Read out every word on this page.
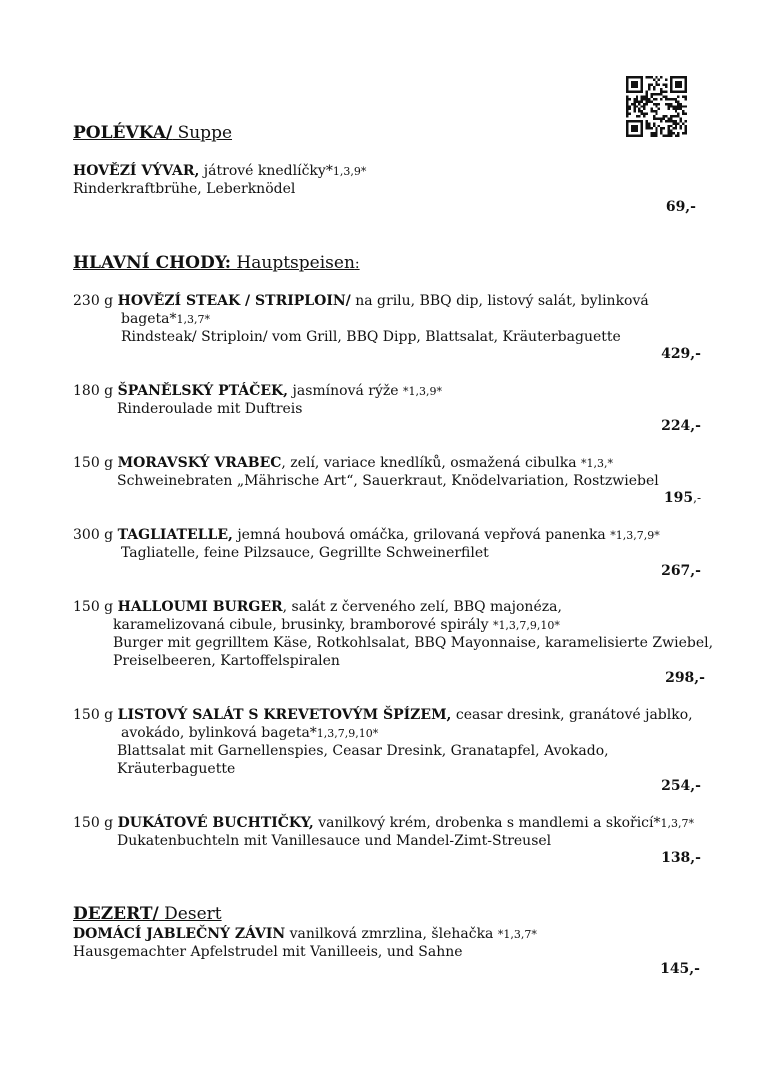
POLÉVKA/ Suppe
HOVĚZÍ VÝVAR, játrové knedlíčky*1,3,9*
Rinderkraftbrühe, Leberknödel
69,-
HLAVNÍ CHODY: Hauptspeisen:
230 g HOVĚZÍ STEAK / STRIPLOIN/ na grilu, BBQ dip, listový salát, bylinková
bageta*1,3,7*
Rindsteak/ Striploin/ vom Grill, BBQ Dipp, Blattsalat, Kräuterbaguette
429,-
180 g ŠPANĚLSKÝ PTÁČEK, jasmínová rýže *1,3,9*
Rinderoulade mit Duftreis
224,-
150 g MORAVSKÝ VRABEC, zelí, variace knedlíků, osmažená cibulka *1,3,*
Schweinebraten „Mährische Art“, Sauerkraut, Knödelvariation, Rostzwiebel
195,-
300 g TAGLIATELLE, jemná houbová omáčka, grilovaná vepřová panenka *1,3,7,9*
Tagliatelle, feine Pilzsauce, Gegrillte Schweinerfilet
267,-
150 g HALLOUMI BURGER, salát z červeného zelí, BBQ majonéza,
karamelizovaná cibule, brusinky, bramborové spirály *1,3,7,9,10*
Burger mit gegrilltem Käse, Rotkohlsalat, BBQ Mayonnaise, karamelisierte Zwiebel,
Preiselbeeren, Kartoffelspiralen
298,-
150 g LISTOVÝ SALÁT S KREVETOVÝM ŠPÍZEM, ceasar dresink, granátové jablko,
avokádo, bylinková bageta*1,3,7,9,10*
Blattsalat mit Garnellenspies, Ceasar Dresink, Granatapfel, Avokado,
Kräuterbaguette
254,-
150 g DUKÁTOVÉ BUCHTIČKY, vanilkový krém, drobenka s mandlemi a skořicí*1,3,7*
Dukatenbuchteln mit Vanillesauce und Mandel-Zimt-Streusel
138,-
DEZERT/ Desert
DOMÁCÍ JABLEČNÝ ZÁVIN vanilková zmrzlina, šlehačka *1,3,7*
Hausgemachter Apfelstrudel mit Vanilleeis, und Sahne
145,-
